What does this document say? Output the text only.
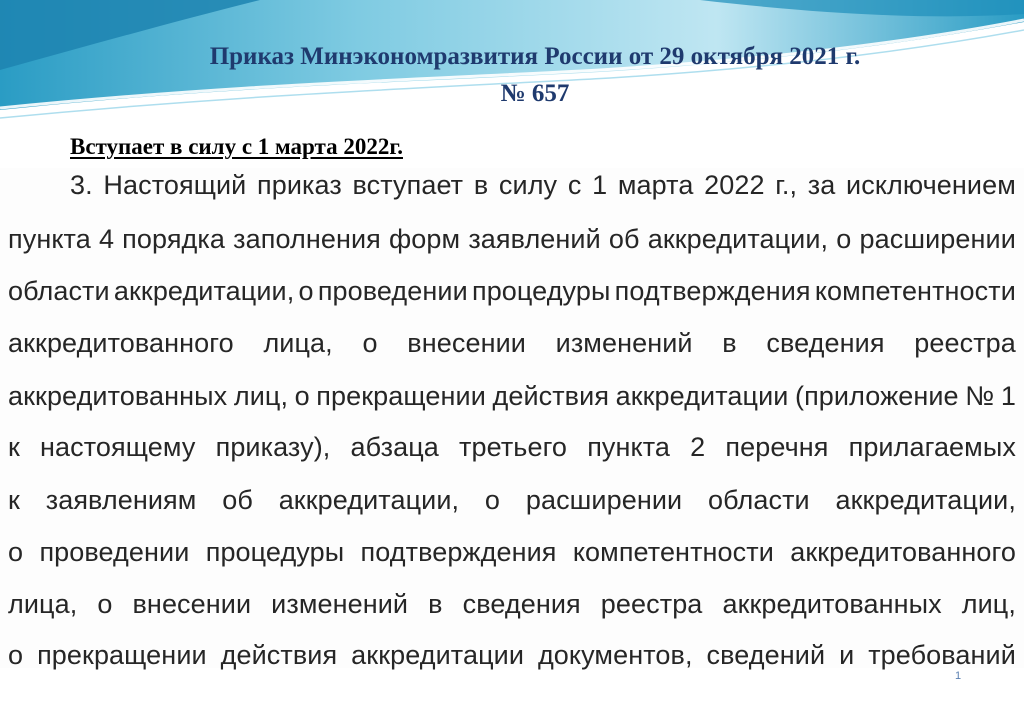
Приказ Минэкономразвития России от 29 октября 2021 г.
№ 657
Вступает в силу с 1 марта 2022г.
3. Настоящий приказ вступает в силу с 1 марта 2022 г., за исключением
пункта 4 порядка заполнения форм заявлений об аккредитации, о расширении
области аккредитации, о проведении процедуры подтверждения компетентности
аккредитованного лица, о внесении изменений в сведения реестра
аккредитованных лиц, о прекращении действия аккредитации (приложение № 1
к настоящему приказу), абзаца третьего пункта 2 перечня прилагаемых
к заявлениям об аккредитации, о расширении области аккредитации,
о проведении процедуры подтверждения компетентности аккредитованного
лица, о внесении изменений в сведения реестра аккредитованных лиц,
о прекращении действия аккредитации документов, сведений и требований
1
